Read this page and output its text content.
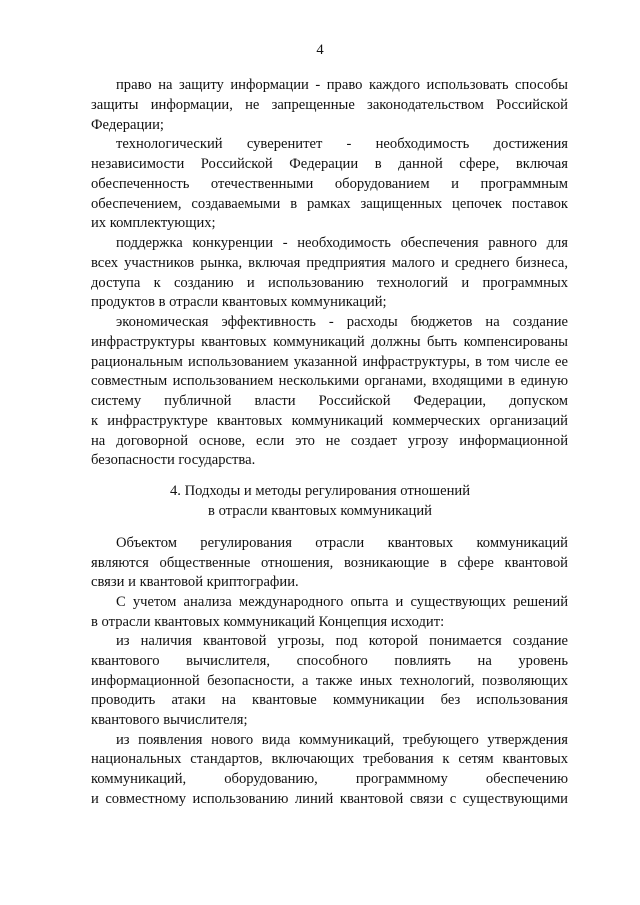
4
право на защиту информации - право каждого использовать способы
защиты информации, не запрещенные законодательством Российской
Федерации;
технологический суверенитет - необходимость достижения
независимости Российской Федерации в данной сфере, включая
обеспеченность отечественными оборудованием и программным
обеспечением, создаваемыми в рамках защищенных цепочек поставок
их комплектующих;
поддержка конкуренции - необходимость обеспечения равного для
всех участников рынка, включая предприятия малого и среднего бизнеса,
доступа к созданию и использованию технологий и программных
продуктов в отрасли квантовых коммуникаций;
экономическая эффективность - расходы бюджетов на создание
инфраструктуры квантовых коммуникаций должны быть компенсированы
рациональным использованием указанной инфраструктуры, в том числе ее
совместным использованием несколькими органами, входящими в единую
систему публичной власти Российской Федерации, допуском
к инфраструктуре квантовых коммуникаций коммерческих организаций
на договорной основе, если это не создает угрозу информационной
безопасности государства.
4. Подходы и методы регулирования отношений
в отрасли квантовых коммуникаций
Объектом регулирования отрасли квантовых коммуникаций
являются общественные отношения, возникающие в сфере квантовой
связи и квантовой криптографии.
С учетом анализа международного опыта и существующих решений
в отрасли квантовых коммуникаций Концепция исходит:
из наличия квантовой угрозы, под которой понимается создание
квантового вычислителя, способного повлиять на уровень
информационной безопасности, а также иных технологий, позволяющих
проводить атаки на квантовые коммуникации без использования
квантового вычислителя;
из появления нового вида коммуникаций, требующего утверждения
национальных стандартов, включающих требования к сетям квантовых
коммуникаций, оборудованию, программному обеспечению
и совместному использованию линий квантовой связи с существующими
